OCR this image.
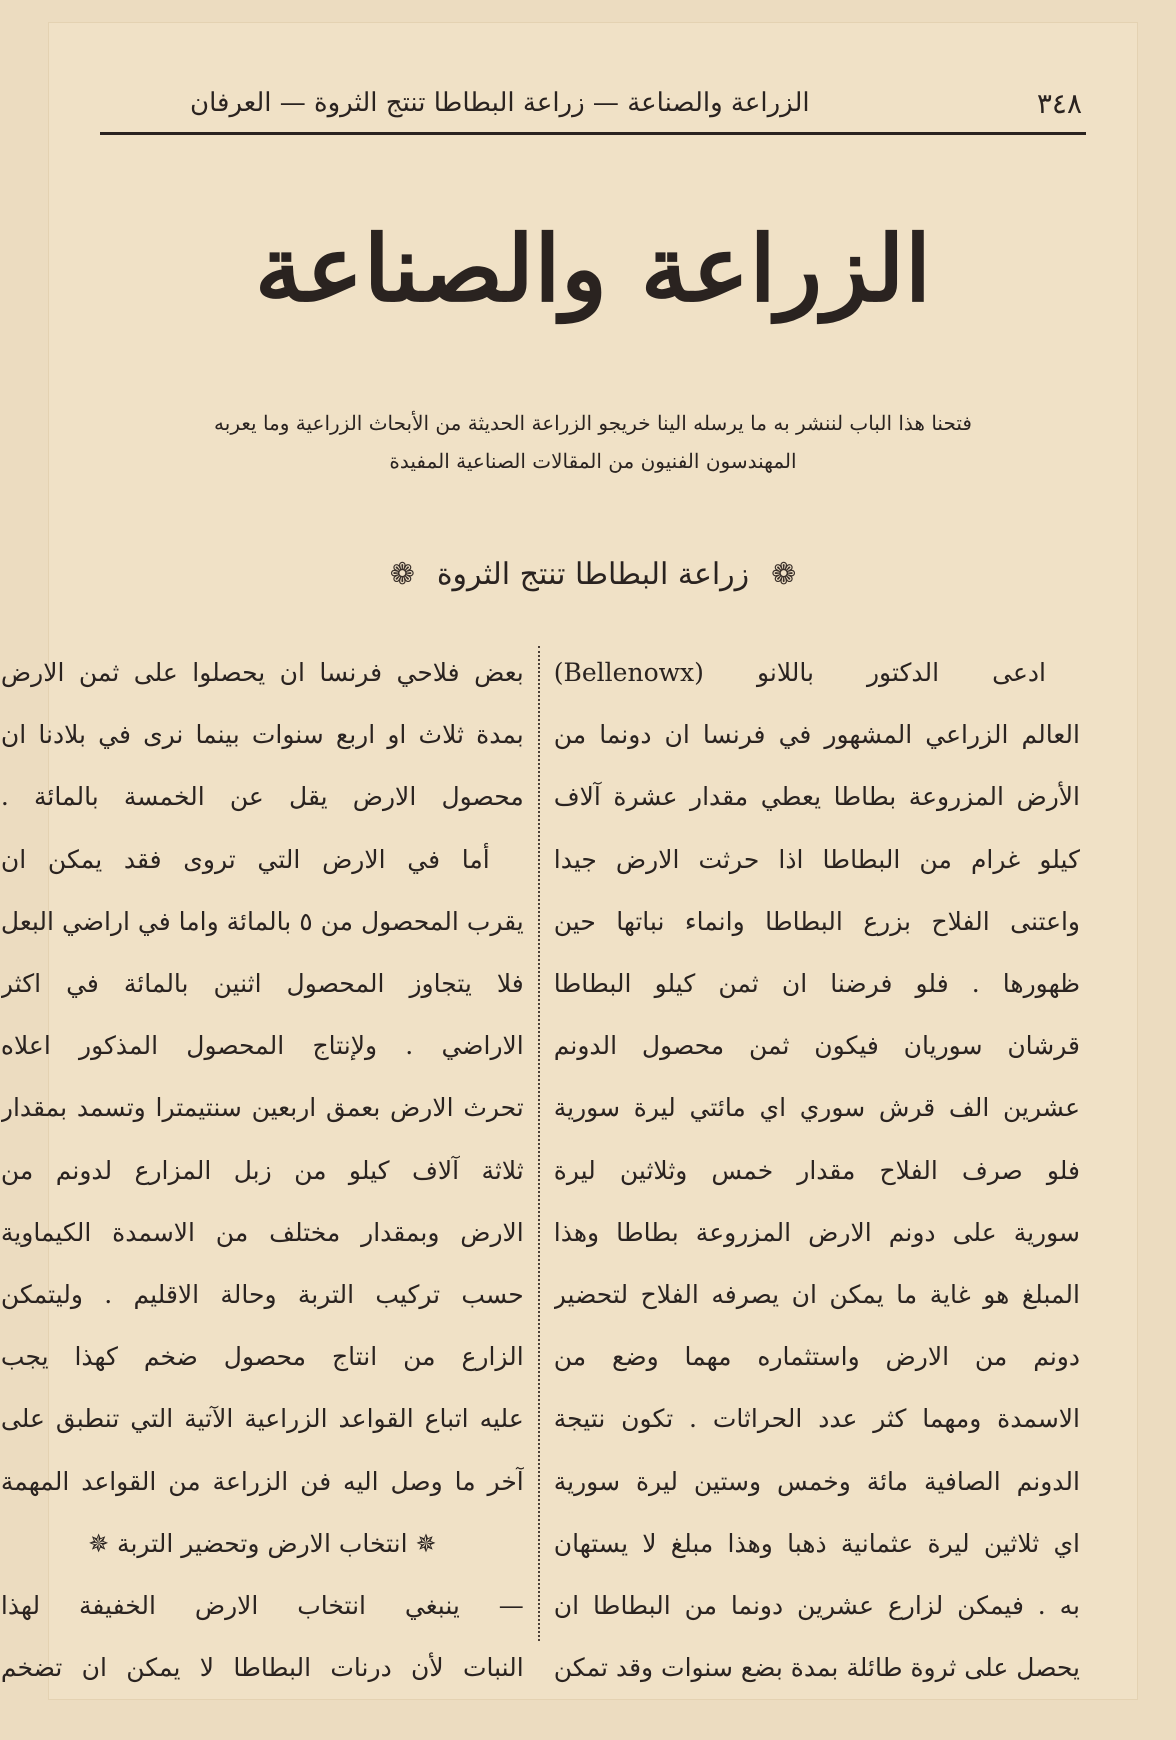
٣٤٨
الزراعة والصناعة — زراعة البطاطا تنتج الثروة — العرفان
الزراعة والصناعة
فتحنا هذا الباب لننشر به ما يرسله الينا خريجو الزراعة الحديثة من الأبحاث الزراعية وما يعربه
المهندسون الفنيون من المقالات الصناعية المفيدة
❁
زراعة البطاطا تنتج الثروة
❁

ادعى الدكتور باللانو (Bellenowx)

العالم الزراعي المشهور في فرنسا ان دونما من

الأرض المزروعة بطاطا يعطي مقدار عشرة آلاف

كيلو غرام من البطاطا اذا حرثت الارض جيدا

واعتنى الفلاح بزرع البطاطا وانماء نباتها حين

ظهورها . فلو فرضنا ان ثمن كيلو البطاطا

قرشان سوريان فيكون ثمن محصول الدونم

عشرين الف قرش سوري اي مائتي ليرة سورية

فلو صرف الفلاح مقدار خمس وثلاثين ليرة

سورية على دونم الارض المزروعة بطاطا وهذا

المبلغ هو غاية ما يمكن ان يصرفه الفلاح لتحضير

دونم من الارض واستثماره مهما وضع من

الاسمدة ومهما كثر عدد الحراثات . تكون نتيجة

الدونم الصافية مائة وخمس وستين ليرة سورية

اي ثلاثين ليرة عثمانية ذهبا وهذا مبلغ لا يستهان

به . فيمكن لزارع عشرين دونما من البطاطا ان

يحصل على ثروة طائلة بمدة بضع سنوات وقد تمكن

بعض فلاحي فرنسا ان يحصلوا على ثمن الارض

بمدة ثلاث او اربع سنوات بينما نرى في بلادنا ان

محصول الارض يقل عن الخمسة بالمائة .

أما في الارض التي تروى فقد يمكن ان

يقرب المحصول من ٥ بالمائة واما في اراضي البعل

فلا يتجاوز المحصول اثنين بالمائة في اكثر

الاراضي . ولإنتاج المحصول المذكور اعلاه

تحرث الارض بعمق اربعين سنتيمترا وتسمد بمقدار

ثلاثة آلاف كيلو من زبل المزارع لدونم من

الارض وبمقدار مختلف من الاسمدة الكيماوية

حسب تركيب التربة وحالة الاقليم . وليتمكن

الزارع من انتاج محصول ضخم كهذا يجب

عليه اتباع القواعد الزراعية الآتية التي تنطبق على

آخر ما وصل اليه فن الزراعة من القواعد المهمة

✵ انتخاب الارض وتحضير التربة ✵

— ينبغي انتخاب الارض الخفيفة لهذا

النبات لأن درنات البطاطا لا يمكن ان تضخم
